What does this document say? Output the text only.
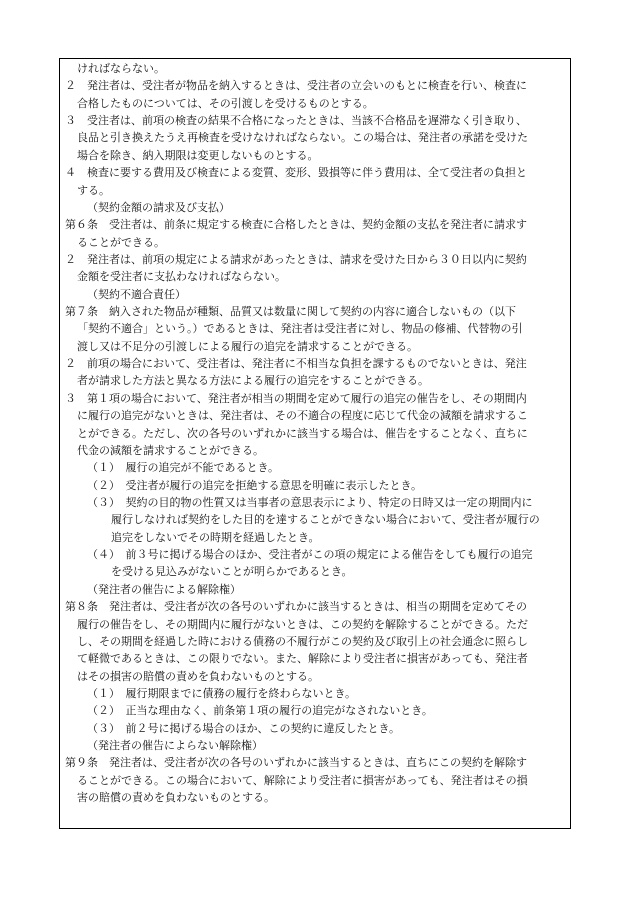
ければならない。
２　発注者は、受注者が物品を納入するときは、受注者の立会いのもとに検査を行い、検査に
合格したものについては、その引渡しを受けるものとする。
３　受注者は、前項の検査の結果不合格になったときは、当該不合格品を遅滞なく引き取り、
良品と引き換えたうえ再検査を受けなければならない。この場合は、発注者の承諾を受けた
場合を除き、納入期限は変更しないものとする。
４　検査に要する費用及び検査による変質、変形、毀損等に伴う費用は、全て受注者の負担と
する。
（契約金額の請求及び支払）
第６条　受注者は、前条に規定する検査に合格したときは、契約金額の支払を発注者に請求す
ることができる。
２　発注者は、前項の規定による請求があったときは、請求を受けた日から３０日以内に契約
金額を受注者に支払わなければならない。
（契約不適合責任）
第７条　納入された物品が種類、品質又は数量に関して契約の内容に適合しないもの（以下
「契約不適合」という。）であるときは、発注者は受注者に対し、物品の修補、代替物の引
渡し又は不足分の引渡しによる履行の追完を請求することができる。
２　前項の場合において、受注者は、発注者に不相当な負担を課するものでないときは、発注
者が請求した方法と異なる方法による履行の追完をすることができる。
３　第１項の場合において、発注者が相当の期間を定めて履行の追完の催告をし、その期間内
に履行の追完がないときは、発注者は、その不適合の程度に応じて代金の減額を請求するこ
とができる。ただし、次の各号のいずれかに該当する場合は、催告をすることなく、直ちに
代金の減額を請求することができる。
（１）　履行の追完が不能であるとき。
（２）　受注者が履行の追完を拒絶する意思を明確に表示したとき。
（３）　契約の目的物の性質又は当事者の意思表示により、特定の日時又は一定の期間内に
履行しなければ契約をした目的を達することができない場合において、受注者が履行の
追完をしないでその時期を経過したとき。
（４）　前３号に掲げる場合のほか、受注者がこの項の規定による催告をしても履行の追完
を受ける見込みがないことが明らかであるとき。
（発注者の催告による解除権）
第８条　発注者は、受注者が次の各号のいずれかに該当するときは、相当の期間を定めてその
履行の催告をし、その期間内に履行がないときは、この契約を解除することができる。ただ
し、その期間を経過した時における債務の不履行がこの契約及び取引上の社会通念に照らし
て軽微であるときは、この限りでない。また、解除により受注者に損害があっても、発注者
はその損害の賠償の責めを負わないものとする。
（１）　履行期限までに債務の履行を終わらないとき。
（２）　正当な理由なく、前条第１項の履行の追完がなされないとき。
（３）　前２号に掲げる場合のほか、この契約に違反したとき。
（発注者の催告によらない解除権）
第９条　発注者は、受注者が次の各号のいずれかに該当するときは、直ちにこの契約を解除す
ることができる。この場合において、解除により受注者に損害があっても、発注者はその損
害の賠償の責めを負わないものとする。
